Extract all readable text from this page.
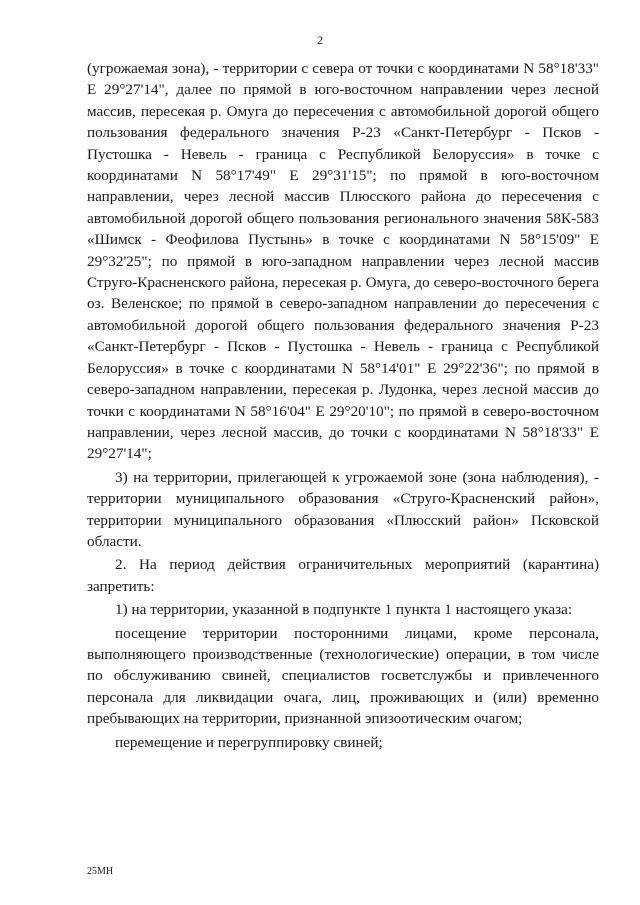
2

(угрожаемая зона), - территории с севера от точки с координатами N 58°18'33" E 29°27'14", далее по прямой в юго-восточном направлении через лесной массив, пересекая р. Омуга до пересечения с автомобильной дорогой общего пользования федерального значения Р-23 «Санкт-Петербург - Псков - Пустошка - Невель - граница с Республикой Белоруссия» в точке с координатами N 58°17'49" E 29°31'15"; по прямой в юго-восточном направлении, через лесной массив Плюсского района до пересечения с автомобильной дорогой общего пользования регионального значения 58К-583 «Шимск - Феофилова Пустынь» в точке с координатами N 58°15'09" E 29°32'25"; по прямой в юго-западном направлении через лесной массив Струго-Красненского района, пересекая р. Омуга, до северо-восточного берега оз. Веленское; по прямой в северо-западном направлении до пересечения с автомобильной дорогой общего пользования федерального значения Р-23 «Санкт-Петербург - Псков - Пустошка - Невель - граница с Республикой Белоруссия» в точке с координатами N 58°14'01" E 29°22'36"; по прямой в северо-западном направлении, пересекая р. Лудонка, через лесной массив до точки с координатами N 58°16'04" E 29°20'10"; по прямой в северо-восточном направлении, через лесной массив, до точки с координатами N 58°18'33" E 29°27'14";

3) на территории, прилегающей к угрожаемой зоне (зона наблюдения), - территории муниципального образования «Струго-Красненский район», территории муниципального образования «Плюсский район» Псковской области.

2. На период действия ограничительных мероприятий (карантина) запретить:

1) на территории, указанной в подпункте 1 пункта 1 настоящего указа:

посещение территории посторонними лицами, кроме персонала, выполняющего производственные (технологические) операции, в том числе по обслуживанию свиней, специалистов госветслужбы и привлеченного персонала для ликвидации очага, лиц, проживающих и (или) временно пребывающих на территории, признанной эпизоотическим очагом;

перемещение и перегруппировку свиней;

25МН
